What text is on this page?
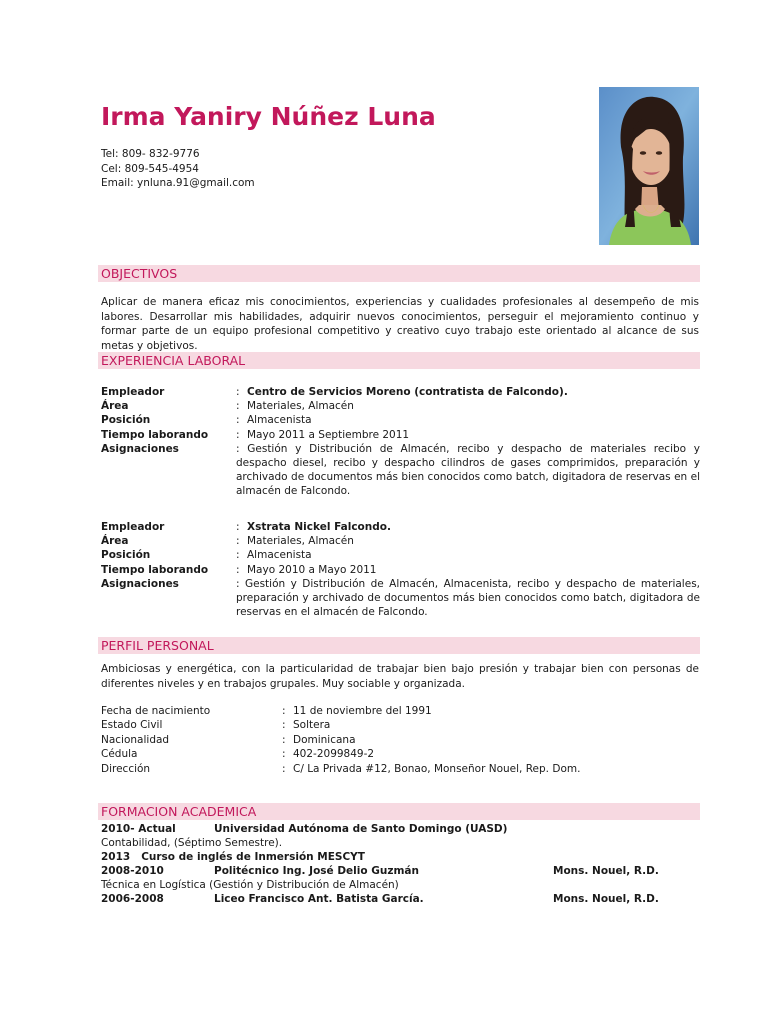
Irma Yaniry Núñez Luna
Tel: 809- 832-9776
Cel: 809-545-4954
Email: ynluna.91@gmail.com
OBJECTIVOS
Aplicar de manera eficaz mis conocimientos, experiencias y cualidades profesionales al desempeño de mis labores. Desarrollar mis habilidades, adquirir nuevos conocimientos, perseguir el mejoramiento continuo y formar parte de un equipo profesional competitivo y creativo cuyo trabajo este orientado al alcance de sus metas y objetivos.
EXPERIENCIA LABORAL
Empleador	: Centro de Servicios Moreno (contratista de Falcondo).
Área	: Materiales, Almacén
Posición	: Almacenista
Tiempo laborando	: Mayo 2011 a Septiembre 2011
Asignaciones	: Gestión y Distribución de Almacén, recibo y despacho de materiales recibo y despacho diesel, recibo y despacho cilindros de gases comprimidos, preparación y archivado de documentos más bien conocidos como batch, digitadora de reservas en el almacén de Falcondo.
Empleador	: Xstrata Nickel Falcondo.
Área	: Materiales, Almacén
Posición	: Almacenista
Tiempo laborando	: Mayo 2010 a Mayo 2011
Asignaciones	: Gestión y Distribución de Almacén, Almacenista, recibo y despacho de materiales, preparación y archivado de documentos más bien conocidos como batch, digitadora de reservas en el almacén de Falcondo.
PERFIL PERSONAL
Ambiciosas y energética, con la particularidad de trabajar bien bajo presión y trabajar bien con personas de diferentes niveles y en trabajos grupales. Muy sociable y organizada.
Fecha de nacimiento	: 11 de noviembre del 1991
Estado Civil	: Soltera
Nacionalidad	: Dominicana
Cédula	: 402-2099849-2
Dirección	: C/ La Privada #12, Bonao, Monseñor Nouel, Rep. Dom.
FORMACION ACADEMICA
2010- Actual	Universidad Autónoma de Santo Domingo (UASD)
Contabilidad, (Séptimo Semestre).
2013   Curso de inglés de Inmersión MESCYT
2008-2010	Politécnico Ing. José Delio Guzmán	Mons. Nouel, R.D.
Técnica en Logística (Gestión y Distribución de Almacén)
2006-2008	Liceo Francisco Ant. Batista García.	Mons. Nouel, R.D.
